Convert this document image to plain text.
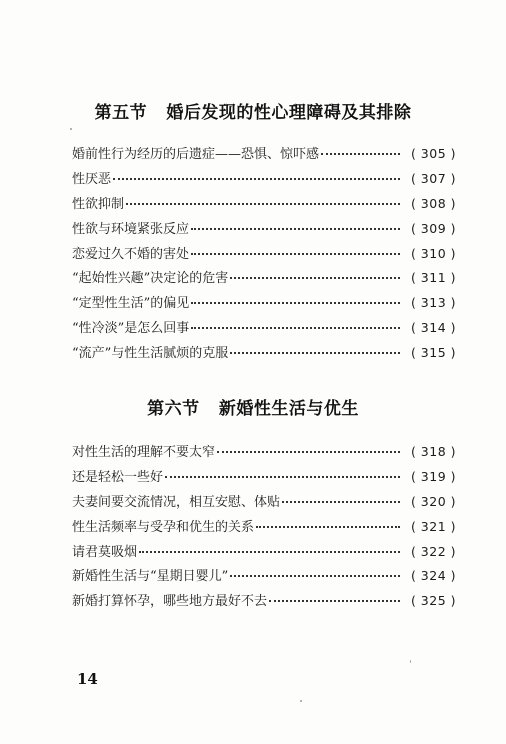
第五节   婚后发现的性心理障碍及其排除
婚前性行为经历的后遗症——恐惧、惊吓感	( 305 )
性厌恶	( 307 )
性欲抑制	( 308 )
性欲与环境紧张反应	( 309 )
恋爱过久不婚的害处	( 310 )
“起始性兴趣”决定论的危害	( 311 )
“定型性生活”的偏见	( 313 )
“性冷淡”是怎么回事	( 314 )
“流产”与性生活腻烦的克服	( 315 )
第六节   新婚性生活与优生
对性生活的理解不要太窄	( 318 )
还是轻松一些好	( 319 )
夫妻间要交流情况，相互安慰、体贴	( 320 )
性生活频率与受孕和优生的关系	( 321 )
请君莫吸烟	( 322 )
新婚性生活与“星期日婴儿”	( 324 )
新婚打算怀孕，哪些地方最好不去	( 325 )
14
